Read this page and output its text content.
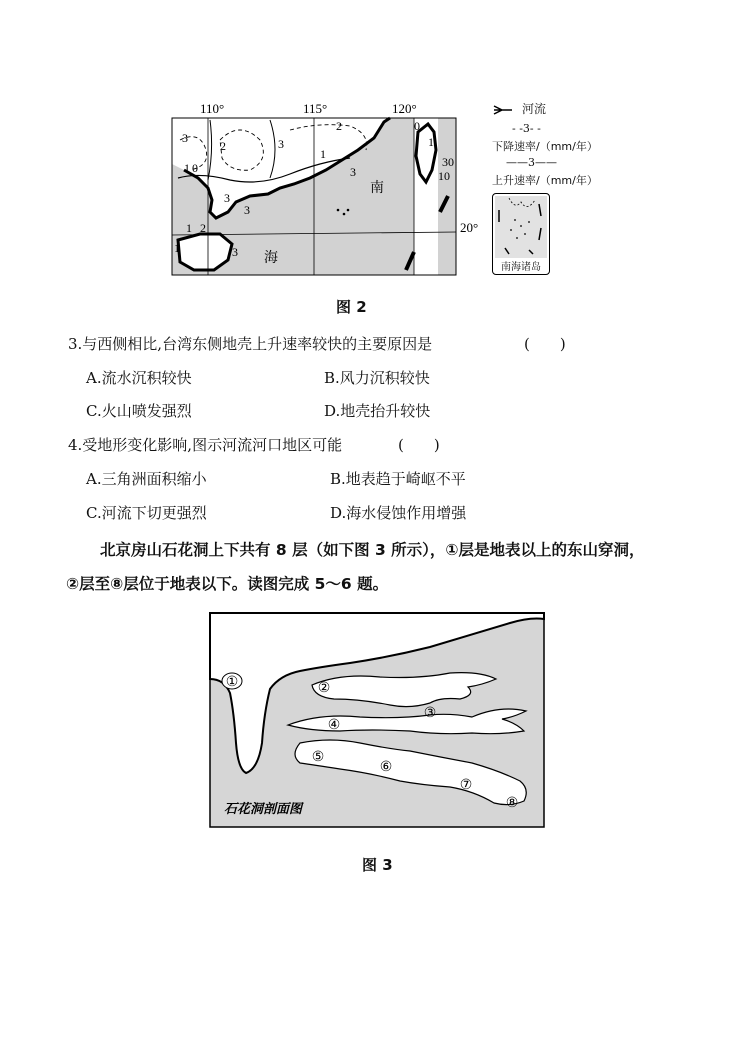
110°	115°	120°
3
2
1 0
3
1
2
3
3
1 2
1	3
0
1
30
10
3
南
海
20°
河流
- -3- -
下降速率/（mm/年）
——3——
上升速率/（mm/年）
南海诸岛
图 2
3.与西侧相比,台湾东侧地壳上升速率较快的主要原因是	(　　)
A.流水沉积较快	B.风力沉积较快
C.火山喷发强烈	D.地壳抬升较快
4.受地形变化影响,图示河流河口地区可能	(　　)
A.三角洲面积缩小	B.地表趋于崎岖不平
C.河流下切更强烈	D.海水侵蚀作用增强
北京房山石花洞上下共有 8 层（如下图 3 所示），①层是地表以上的东山穿洞，
②层至⑧层位于地表以下。读图完成 5～6 题。
①	②
③
④
⑤
⑥
⑦
⑧
石花洞剖面图
图 3
